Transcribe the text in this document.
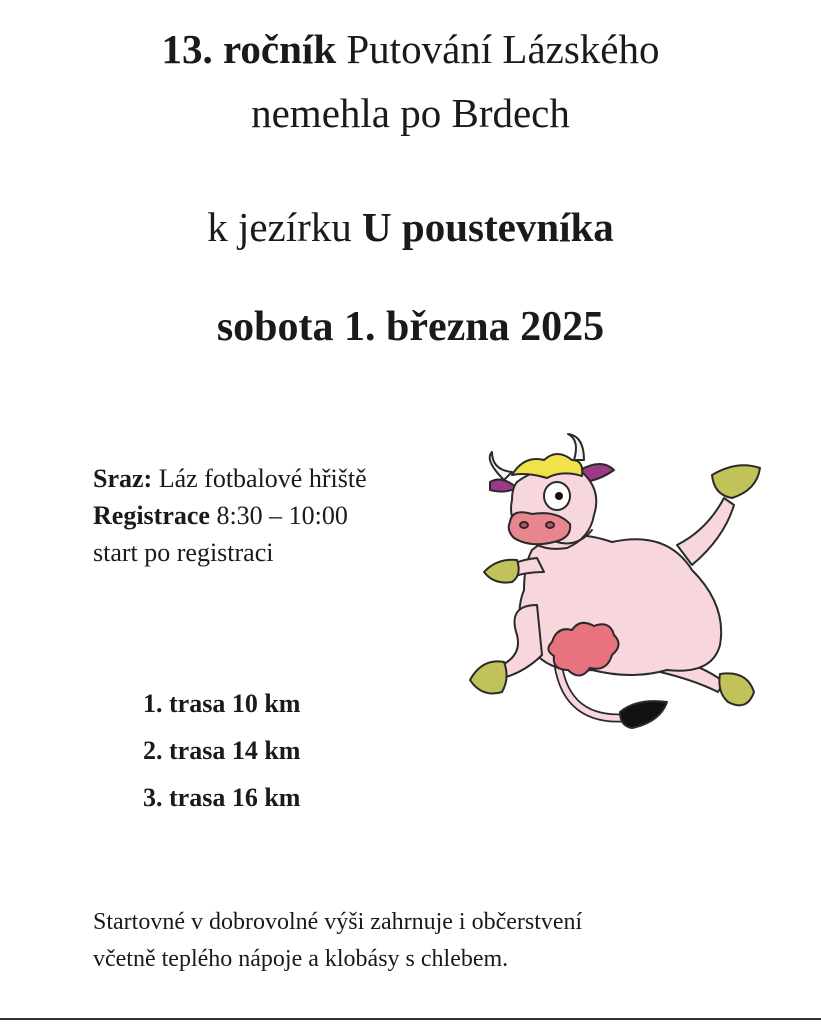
13. ročník Putování Lázského
nemehla po Brdech
k jezírku U poustevníka
sobota 1. března 2025
Sraz: Láz fotbalové hřiště
Registrace 8:30 – 10:00
start po registraci
1. trasa 10 km
2. trasa 14 km
3. trasa 16 km
Startovné v dobrovolné výši zahrnuje i občerstvení
včetně teplého nápoje a klobásy s chlebem.
